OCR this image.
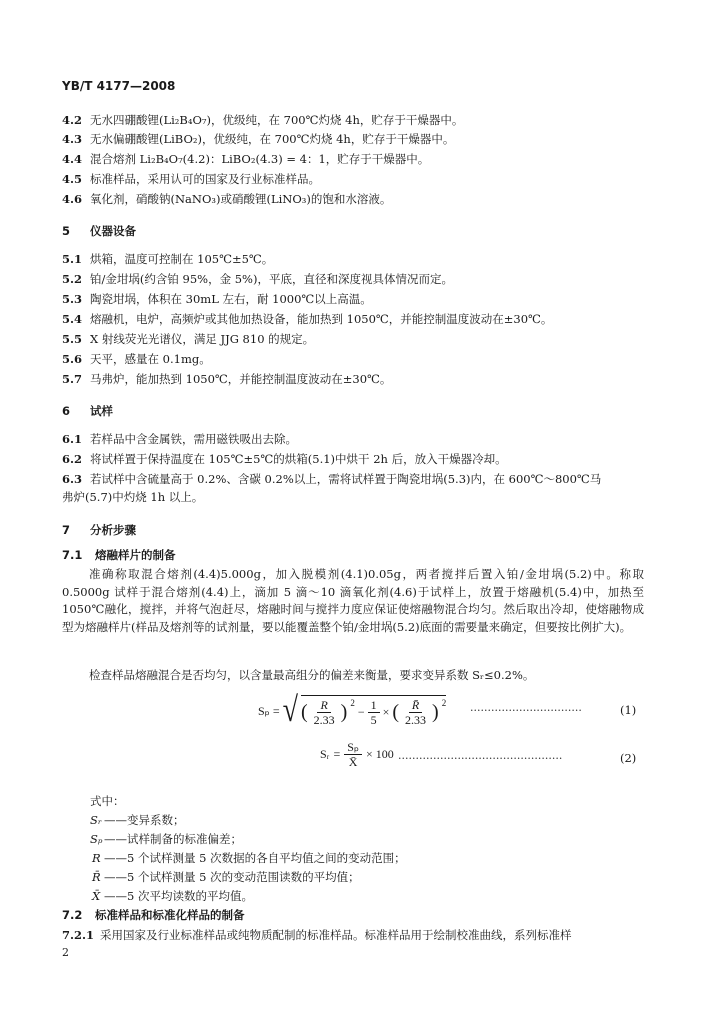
YB/T 4177—2008
4.2 无水四硼酸锂(Li₂B₄O₇)，优级纯，在 700℃灼烧 4h，贮存于干燥器中。
4.3 无水偏硼酸锂(LiBO₂)，优级纯，在 700℃灼烧 4h，贮存于干燥器中。
4.4 混合熔剂 Li₂B₄O₇(4.2)：LiBO₂(4.3) = 4：1，贮存于干燥器中。
4.5 标准样品，采用认可的国家及行业标准样品。
4.6 氧化剂，硝酸钠(NaNO₃)或硝酸锂(LiNO₃)的饱和水溶液。
5 仪器设备
5.1 烘箱，温度可控制在 105℃±5℃。
5.2 铂/金坩埚(约含铂 95%，金 5%)，平底，直径和深度视具体情况而定。
5.3 陶瓷坩埚，体积在 30mL 左右，耐 1000℃以上高温。
5.4 熔融机，电炉，高频炉或其他加热设备，能加热到 1050℃，并能控制温度波动在±30℃。
5.5 X 射线荧光光谱仪，满足 JJG 810 的规定。
5.6 天平，感量在 0.1mg。
5.7 马弗炉，能加热到 1050℃，并能控制温度波动在±30℃。
6 试样
6.1 若样品中含金属铁，需用磁铁吸出去除。
6.2 将试样置于保持温度在 105℃±5℃的烘箱(5.1)中烘干 2h 后，放入干燥器冷却。
6.3 若试样中含硫量高于 0.2%、含碳 0.2%以上，需将试样置于陶瓷坩埚(5.3)内，在 600℃～800℃马
弗炉(5.7)中灼烧 1h 以上。
7 分析步骤
7.1 熔融样片的制备
准确称取混合熔剂(4.4)5.000g，加入脱模剂(4.1)0.05g，两者搅拌后置入铂/金坩埚(5.2)中。称取 0.5000g 试样于混合熔剂(4.4)上，滴加 5 滴～10 滴氧化剂(4.6)于试样上，放置于熔融机(5.4)中，加热至 1050℃融化，搅拌，并将气泡赶尽，熔融时间与搅拌力度应保证使熔融物混合均匀。然后取出冷却，使熔融物成型为熔融样片(样品及熔剂等的试剂量，要以能覆盖整个铂/金坩埚(5.2)底面的需要量来确定，但要按比例扩大)。
检查样品熔融混合是否均匀，以含量最高组分的偏差来衡量，要求变异系数 Sᵣ≤0.2%。
Sₚ = √ ( $\frac{R}{2.33}$ ) $^2$
− $\frac{1}{5}$ × ( $\frac{R̄}{2.33}$ ) $^2$
································	(1)
Sᵣ = $\frac{\text{Sₚ}}{X̄} \times 100$ ···············································	(2)
式中：
Sᵣ ——变异系数；
Sₚ ——试样制备的标准偏差；
R ——5 个试样测量 5 次数据的各自平均值之间的变动范围；
R̄ ——5 个试样测量 5 次的变动范围读数的平均值；
X̄ ——5 次平均读数的平均值。
7.2 标准样品和标准化样品的制备
7.2.1 采用国家及行业标准样品或纯物质配制的标准样品。标准样品用于绘制校准曲线，系列标准样
2
